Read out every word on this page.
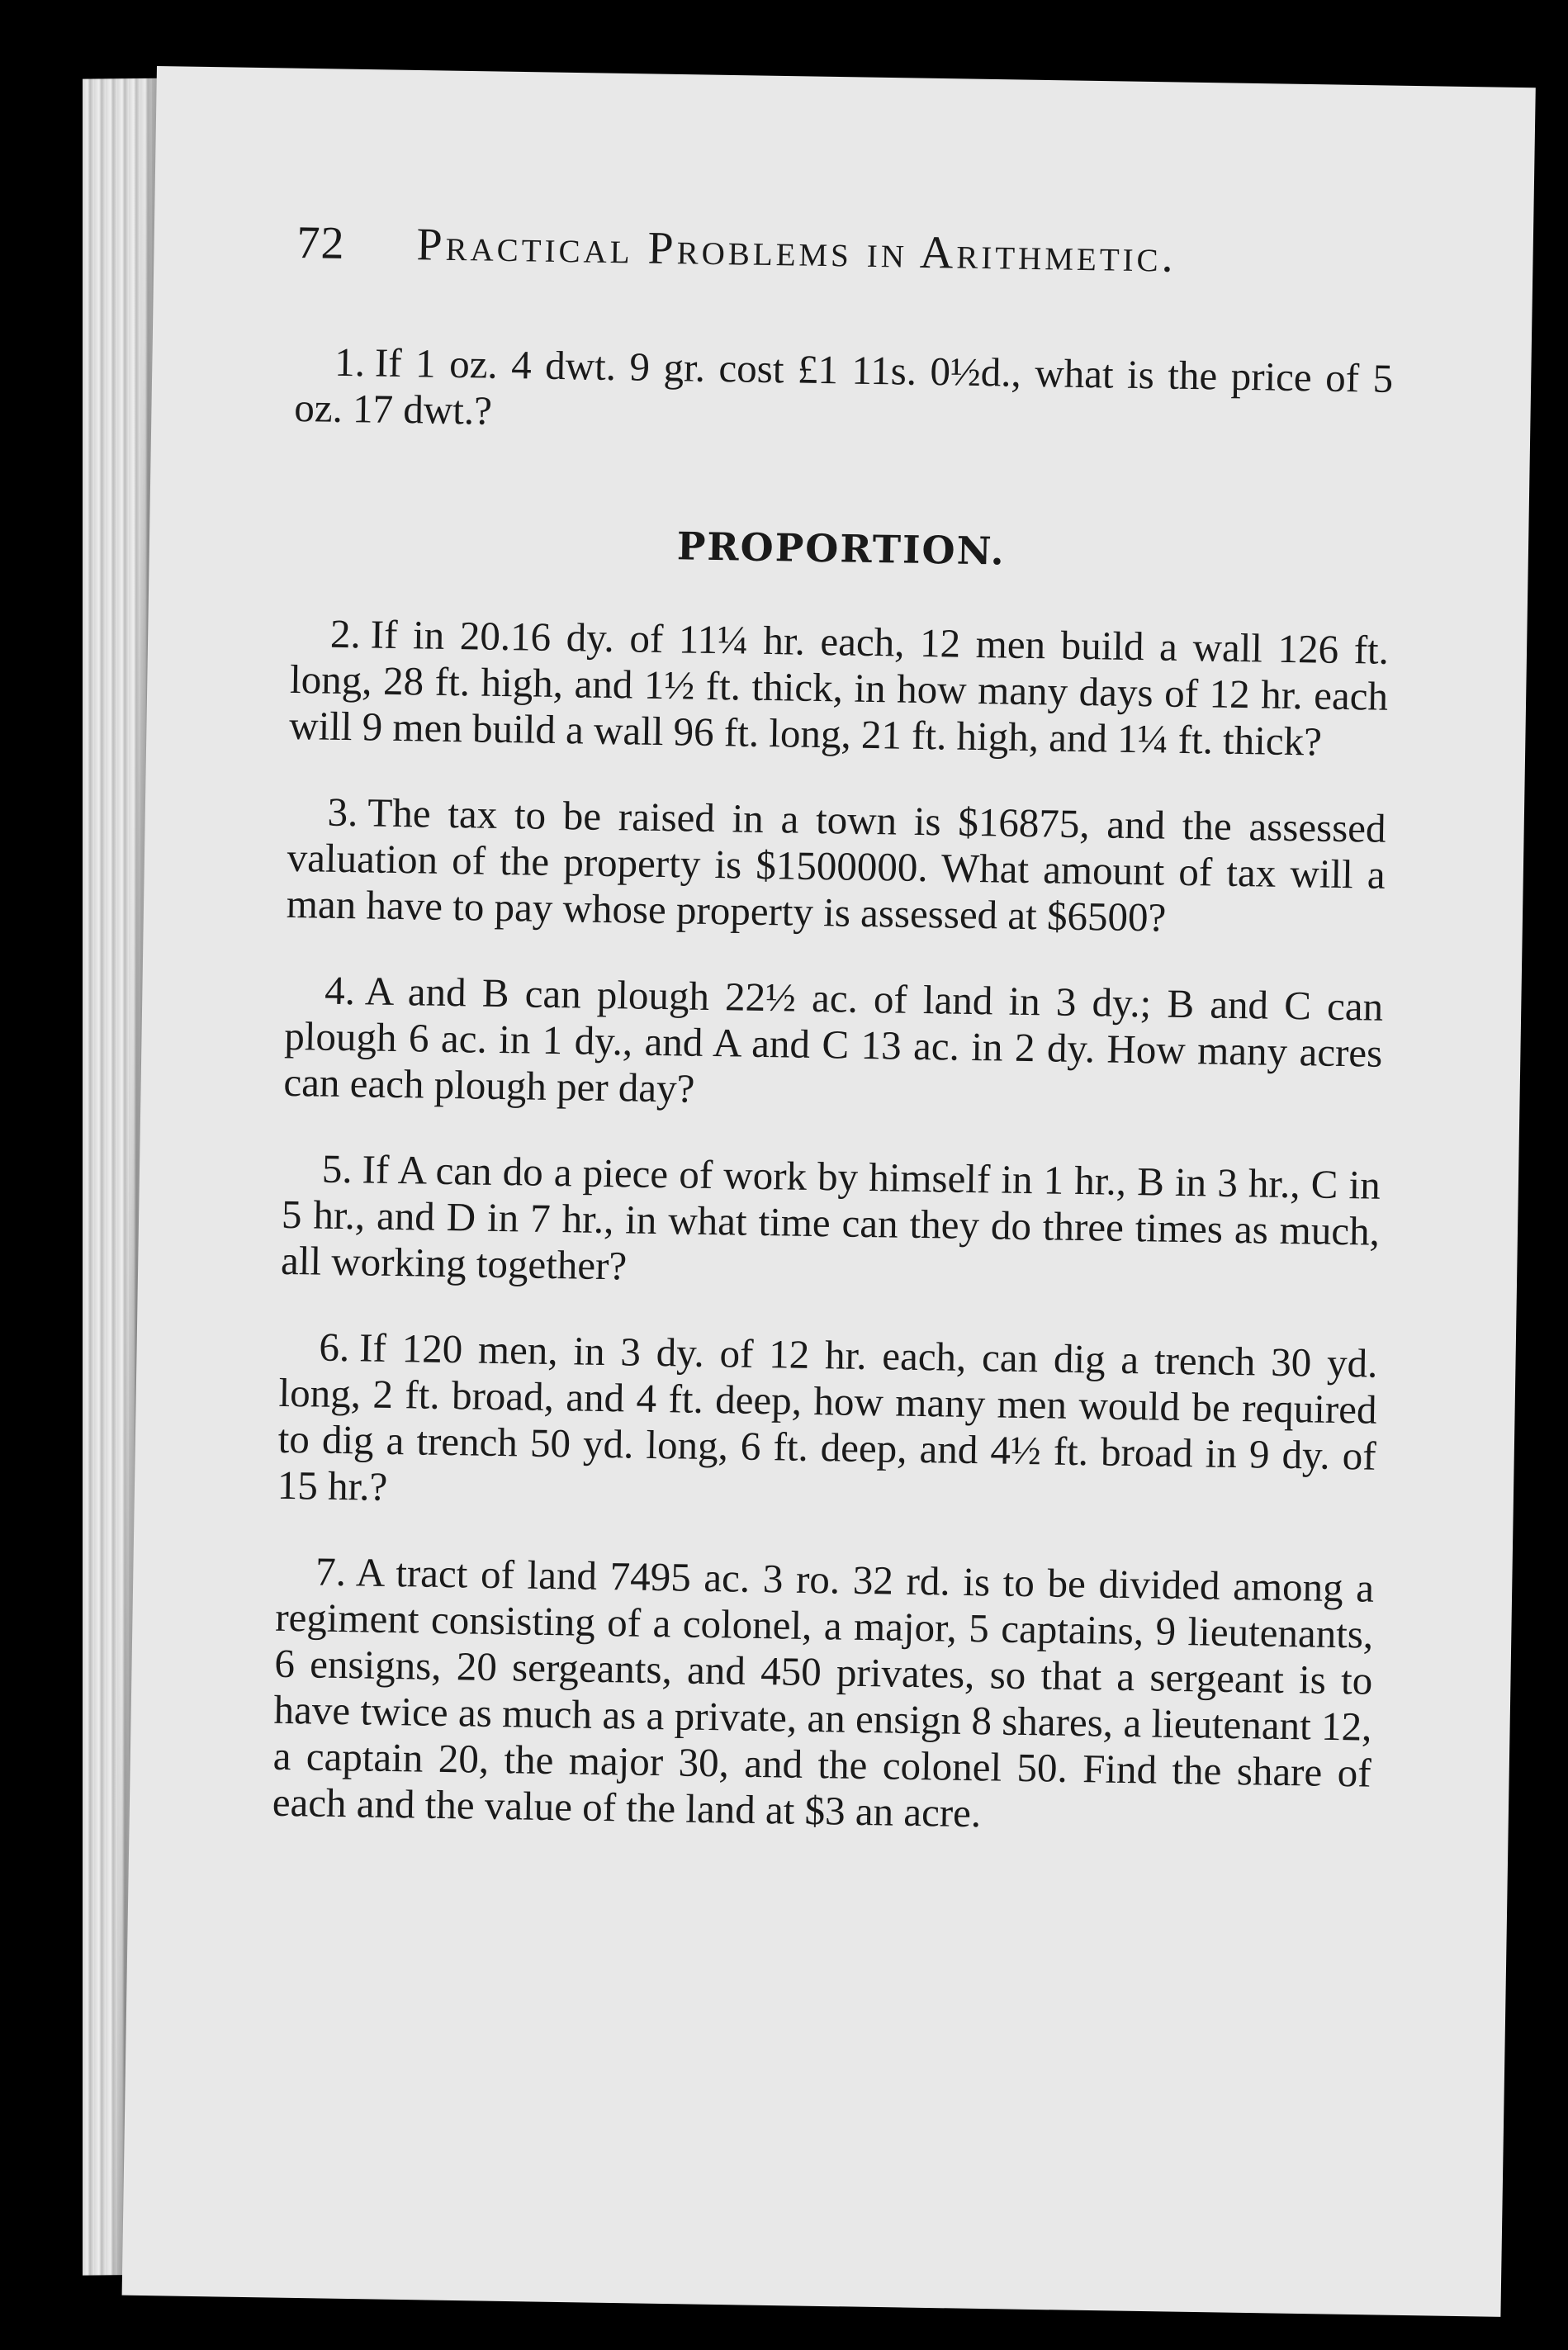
72	Practical Problems in Arithmetic.

1. If 1 oz. 4 dwt. 9 gr. cost £1 11s. 0½d., what is the price of 5 oz. 17 dwt.?

PROPORTION.

2. If in 20.16 dy. of 11¼ hr. each, 12 men build a wall 126 ft. long, 28 ft. high, and 1½ ft. thick, in how many days of 12 hr. each will 9 men build a wall 96 ft. long, 21 ft. high, and 1¼ ft. thick?

3. The tax to be raised in a town is $16875, and the assessed valuation of the property is $1500000. What amount of tax will a man have to pay whose property is assessed at $6500?

4. A and B can plough 22½ ac. of land in 3 dy.; B and C can plough 6 ac. in 1 dy., and A and C 13 ac. in 2 dy. How many acres can each plough per day?

5. If A can do a piece of work by himself in 1 hr., B in 3 hr., C in 5 hr., and D in 7 hr., in what time can they do three times as much, all working together?

6. If 120 men, in 3 dy. of 12 hr. each, can dig a trench 30 yd. long, 2 ft. broad, and 4 ft. deep, how many men would be required to dig a trench 50 yd. long, 6 ft. deep, and 4½ ft. broad in 9 dy. of 15 hr.?

7. A tract of land 7495 ac. 3 ro. 32 rd. is to be divided among a regiment consisting of a colonel, a major, 5 captains, 9 lieutenants, 6 ensigns, 20 sergeants, and 450 privates, so that a sergeant is to have twice as much as a private, an ensign 8 shares, a lieutenant 12, a captain 20, the major 30, and the colonel 50. Find the share of each and the value of the land at $3 an acre.
